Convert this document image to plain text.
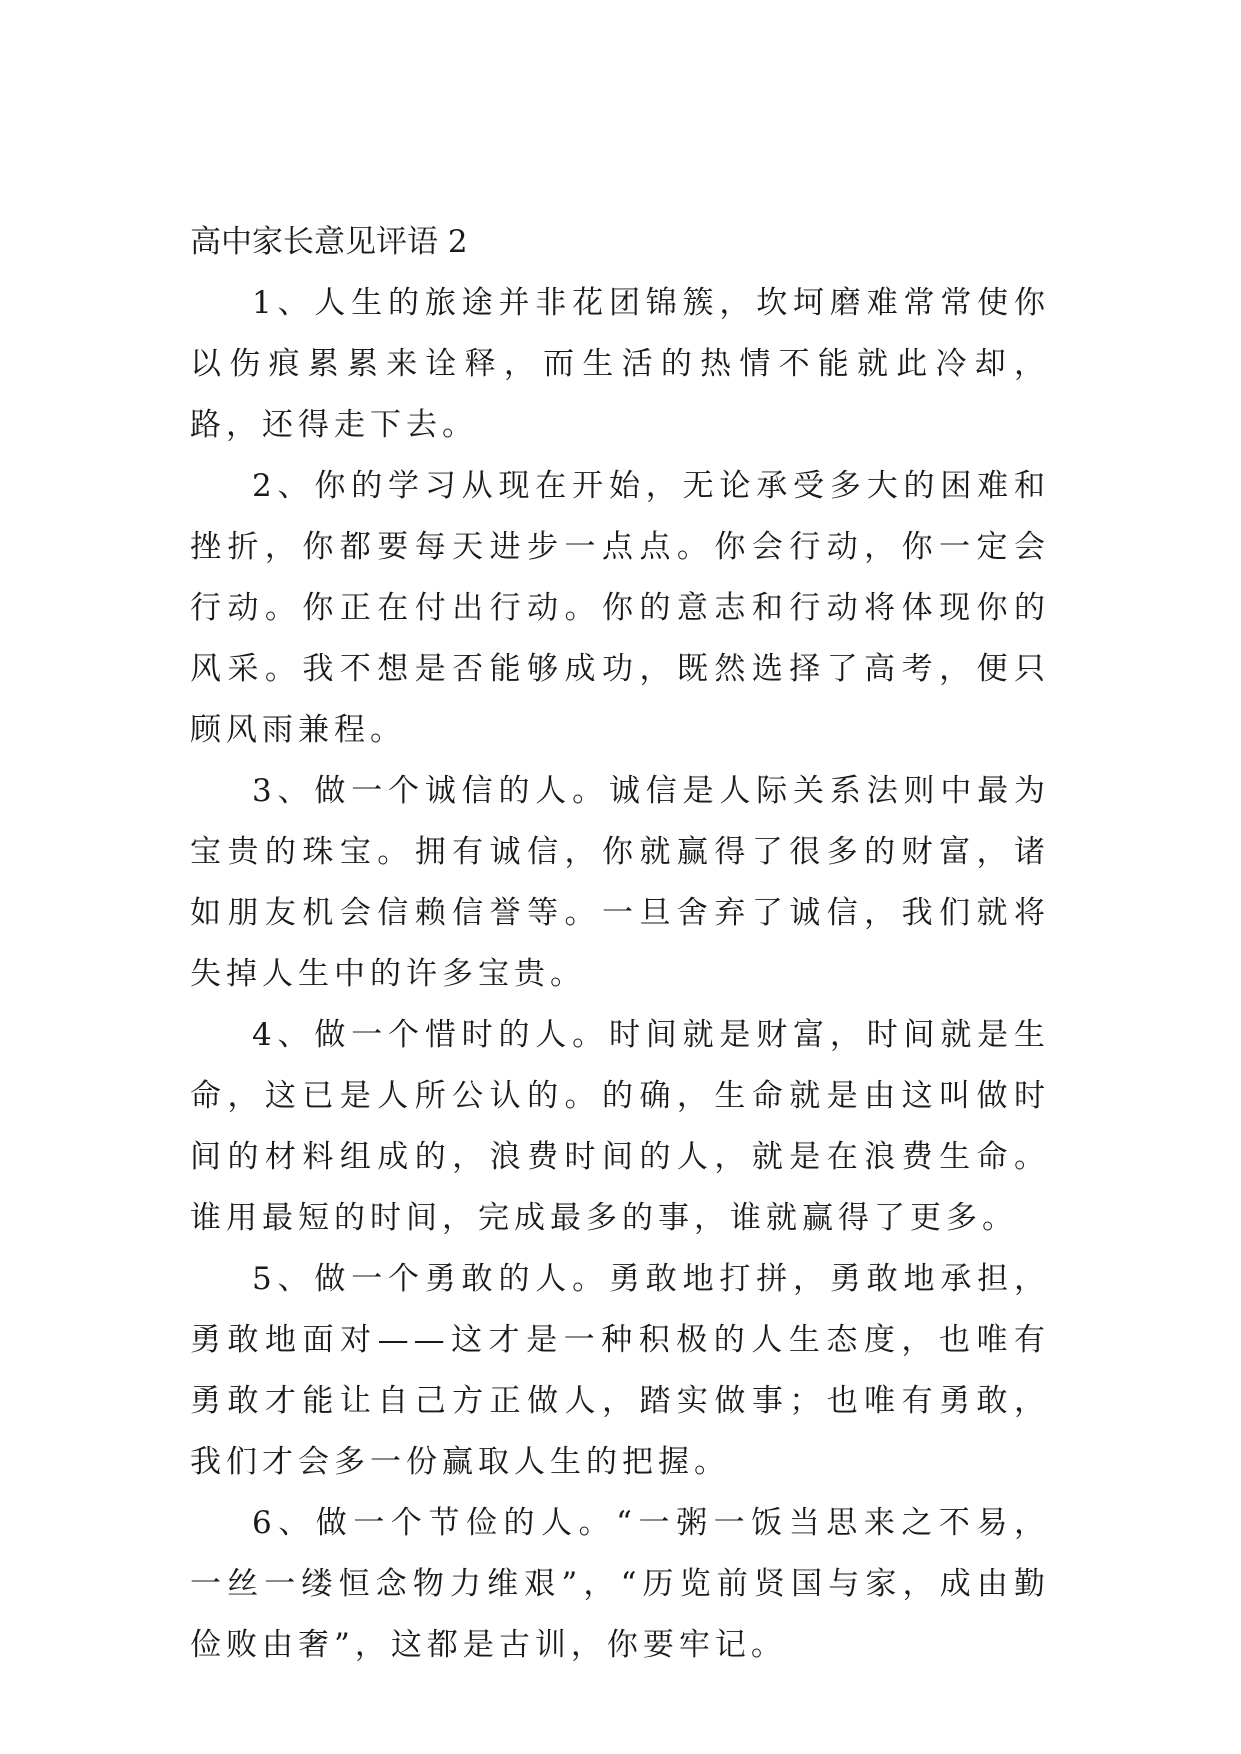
高中家长意见评语 2

1、人生的旅途并非花团锦簇，坎坷磨难常常使你以伤痕累累来诠释，而生活的热情不能就此冷却，路，还得走下去。

2、你的学习从现在开始，无论承受多大的困难和挫折，你都要每天进步一点点。你会行动，你一定会行动。你正在付出行动。你的意志和行动将体现你的风采。我不想是否能够成功，既然选择了高考，便只顾风雨兼程。

3、做一个诚信的人。诚信是人际关系法则中最为宝贵的珠宝。拥有诚信，你就赢得了很多的财富，诸如朋友机会信赖信誉等。一旦舍弃了诚信，我们就将失掉人生中的许多宝贵。

4、做一个惜时的人。时间就是财富，时间就是生命，这已是人所公认的。的确，生命就是由这叫做时间的材料组成的，浪费时间的人，就是在浪费生命。谁用最短的时间，完成最多的事，谁就赢得了更多。

5、做一个勇敢的人。勇敢地打拼，勇敢地承担，勇敢地面对——这才是一种积极的人生态度，也唯有勇敢才能让自己方正做人，踏实做事；也唯有勇敢，我们才会多一份赢取人生的把握。

6、做一个节俭的人。“一粥一饭当思来之不易，一丝一缕恒念物力维艰”，“历览前贤国与家，成由勤俭败由奢”，这都是古训，你要牢记。
